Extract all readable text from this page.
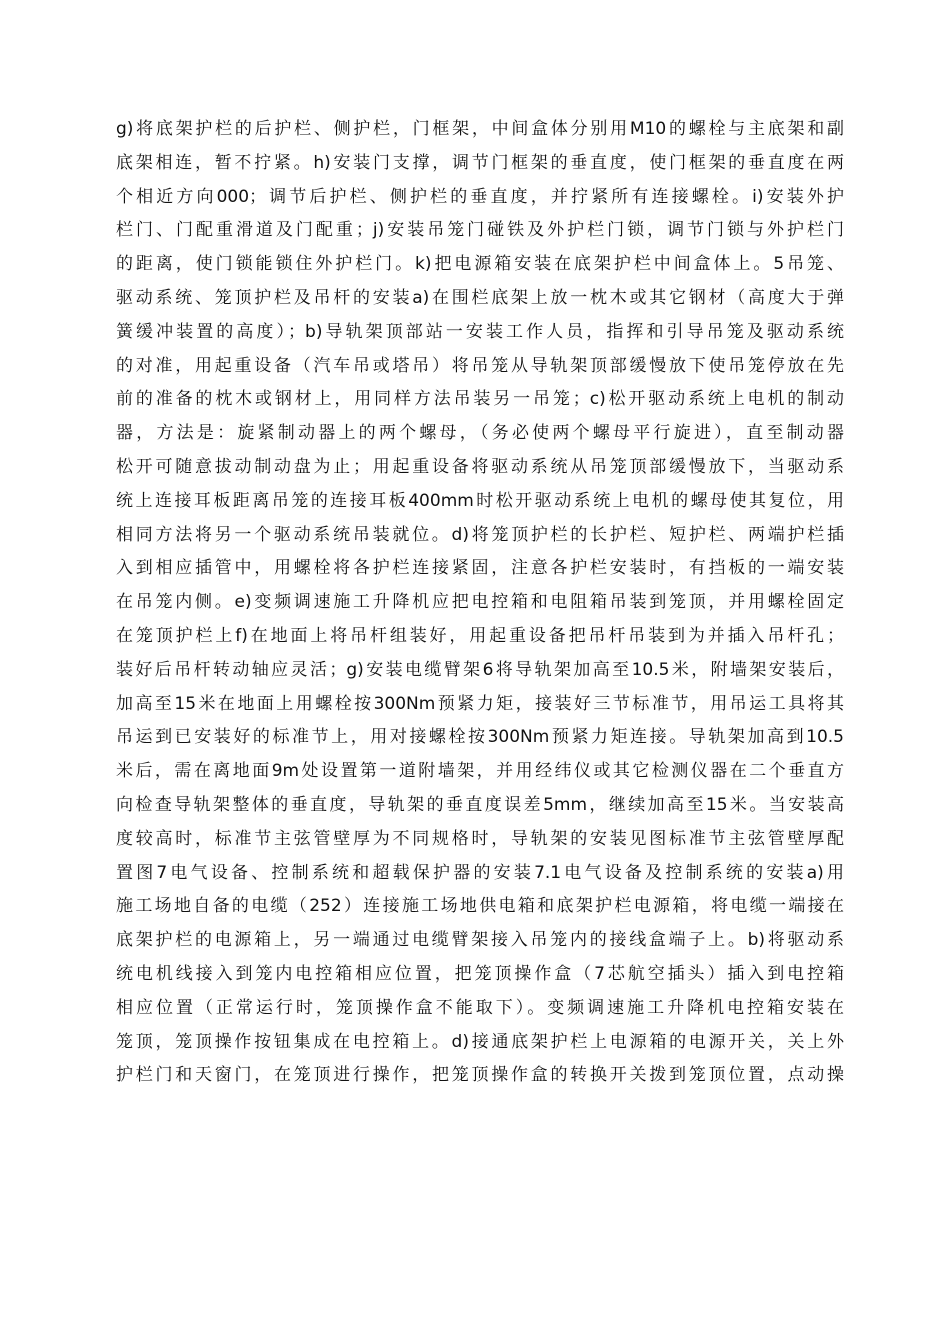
g)将底架护栏的后护栏、侧护栏，门框架，中间盒体分别用M10的螺栓与主底架和副
底架相连，暂不拧紧。h)安装门支撑，调节门框架的垂直度，使门框架的垂直度在两
个相近方向000；调节后护栏、侧护栏的垂直度，并拧紧所有连接螺栓。i)安装外护
栏门、门配重滑道及门配重；j)安装吊笼门碰铁及外护栏门锁，调节门锁与外护栏门
的距离，使门锁能锁住外护栏门。k)把电源箱安装在底架护栏中间盒体上。5吊笼、
驱动系统、笼顶护栏及吊杆的安装a)在围栏底架上放一枕木或其它钢材（高度大于弹
簧缓冲装置的高度）；b)导轨架顶部站一安装工作人员，指挥和引导吊笼及驱动系统
的对准，用起重设备（汽车吊或塔吊）将吊笼从导轨架顶部缓慢放下使吊笼停放在先
前的准备的枕木或钢材上，用同样方法吊装另一吊笼；c)松开驱动系统上电机的制动
器，方法是：旋紧制动器上的两个螺母，（务必使两个螺母平行旋进），直至制动器
松开可随意拔动制动盘为止；用起重设备将驱动系统从吊笼顶部缓慢放下，当驱动系
统上连接耳板距离吊笼的连接耳板400mm时松开驱动系统上电机的螺母使其复位，用
相同方法将另一个驱动系统吊装就位。d)将笼顶护栏的长护栏、短护栏、两端护栏插
入到相应插管中，用螺栓将各护栏连接紧固，注意各护栏安装时，有挡板的一端安装
在吊笼内侧。e)变频调速施工升降机应把电控箱和电阻箱吊装到笼顶，并用螺栓固定
在笼顶护栏上f)在地面上将吊杆组装好，用起重设备把吊杆吊装到为并插入吊杆孔；
装好后吊杆转动轴应灵活；g)安装电缆臂架6将导轨架加高至10.5米，附墙架安装后，
加高至15米在地面上用螺栓按300Nm预紧力矩，接装好三节标准节，用吊运工具将其
吊运到已安装好的标准节上，用对接螺栓按300Nm预紧力矩连接。导轨架加高到10.5
米后，需在离地面9m处设置第一道附墙架，并用经纬仪或其它检测仪器在二个垂直方
向检查导轨架整体的垂直度，导轨架的垂直度误差5mm，继续加高至15米。当安装高
度较高时，标准节主弦管壁厚为不同规格时，导轨架的安装见图标准节主弦管壁厚配
置图7电气设备、控制系统和超载保护器的安装7.1电气设备及控制系统的安装a)用
施工场地自备的电缆（252）连接施工场地供电箱和底架护栏电源箱，将电缆一端接在
底架护栏的电源箱上，另一端通过电缆臂架接入吊笼内的接线盒端子上。b)将驱动系
统电机线接入到笼内电控箱相应位置，把笼顶操作盒（7芯航空插头）插入到电控箱
相应位置（正常运行时，笼顶操作盒不能取下）。变频调速施工升降机电控箱安装在
笼顶，笼顶操作按钮集成在电控箱上。d)接通底架护栏上电源箱的电源开关，关上外
护栏门和天窗门，在笼顶进行操作，把笼顶操作盒的转换开关拨到笼顶位置，点动操
